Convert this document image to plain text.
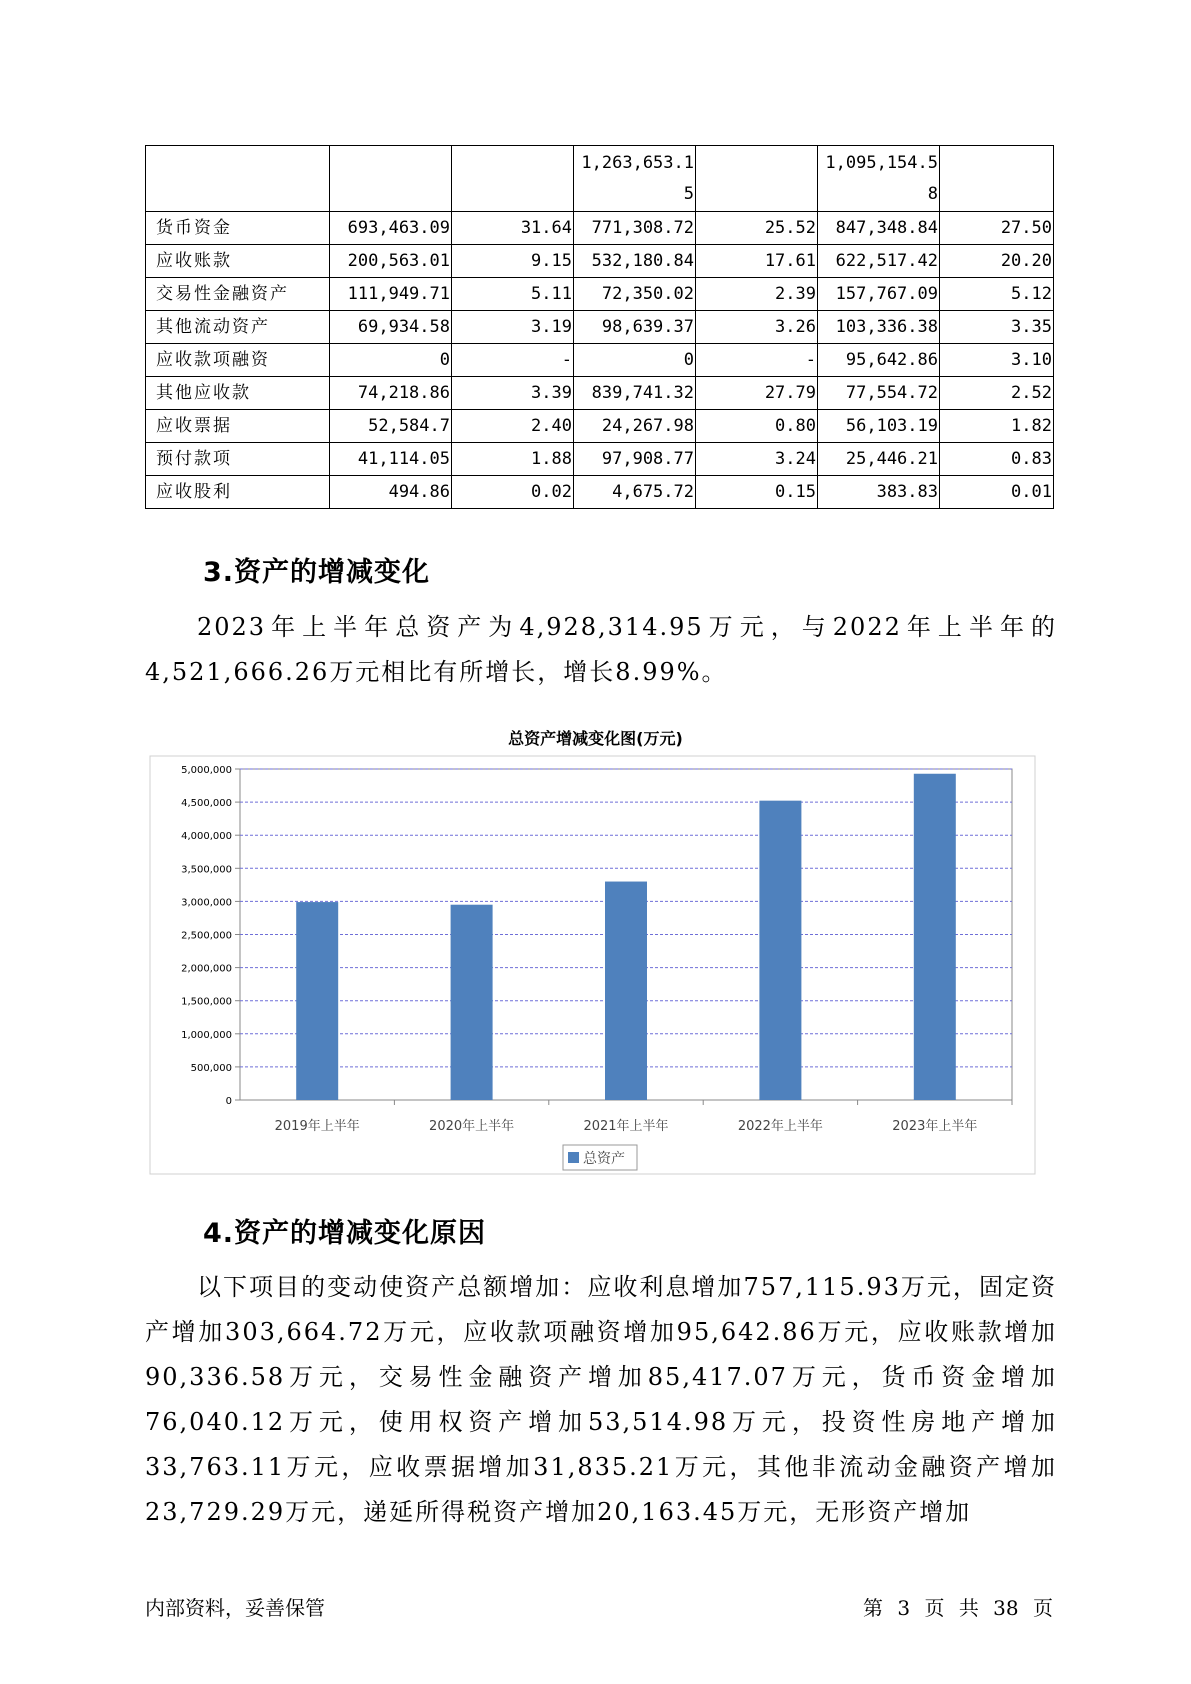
			1,263,653.15		1,095,154.58	

货币资金	693,463.09	31.64	771,308.72	25.52	847,348.84	27.50
应收账款	200,563.01	9.15	532,180.84	17.61	622,517.42	20.20
交易性金融资产	111,949.71	5.11	72,350.02	2.39	157,767.09	5.12
其他流动资产	69,934.58	3.19	98,639.37	3.26	103,336.38	3.35
应收款项融资	0	-	0	-	95,642.86	3.10
其他应收款	74,218.86	3.39	839,741.32	27.79	77,554.72	2.52
应收票据	52,584.7	2.40	24,267.98	0.80	56,103.19	1.82
预付款项	41,114.05	1.88	97,908.77	3.24	25,446.21	0.83
应收股利	494.86	0.02	4,675.72	0.15	383.83	0.01
3.资产的增减变化

2023年上半年总资产为4,928,314.95万元，与2022年上半年的4,521,666.26万元相比有所增长，增长8.99%。

总资产增减变化图(万元)
0
500,000
1,000,000
1,500,000
2,000,000
2,500,000
3,000,000
3,500,000
4,000,000
4,500,000
5,000,000
2019年上半年	2020年上半年	2021年上半年	2022年上半年	2023年上半年
总资产
4.资产的增减变化原因

以下项目的变动使资产总额增加：应收利息增加757,115.93万元，固定资产增加303,664.72万元，应收款项融资增加95,642.86万元，应收账款增加90,336.58万元，交易性金融资产增加85,417.07万元，货币资金增加76,040.12万元，使用权资产增加53,514.98万元，投资性房地产增加33,763.11万元，应收票据增加31,835.21万元，其他非流动金融资产增加23,729.29万元，递延所得税资产增加20,163.45万元，无形资产增加

内部资料，妥善保管	第 3 页 共 38 页
